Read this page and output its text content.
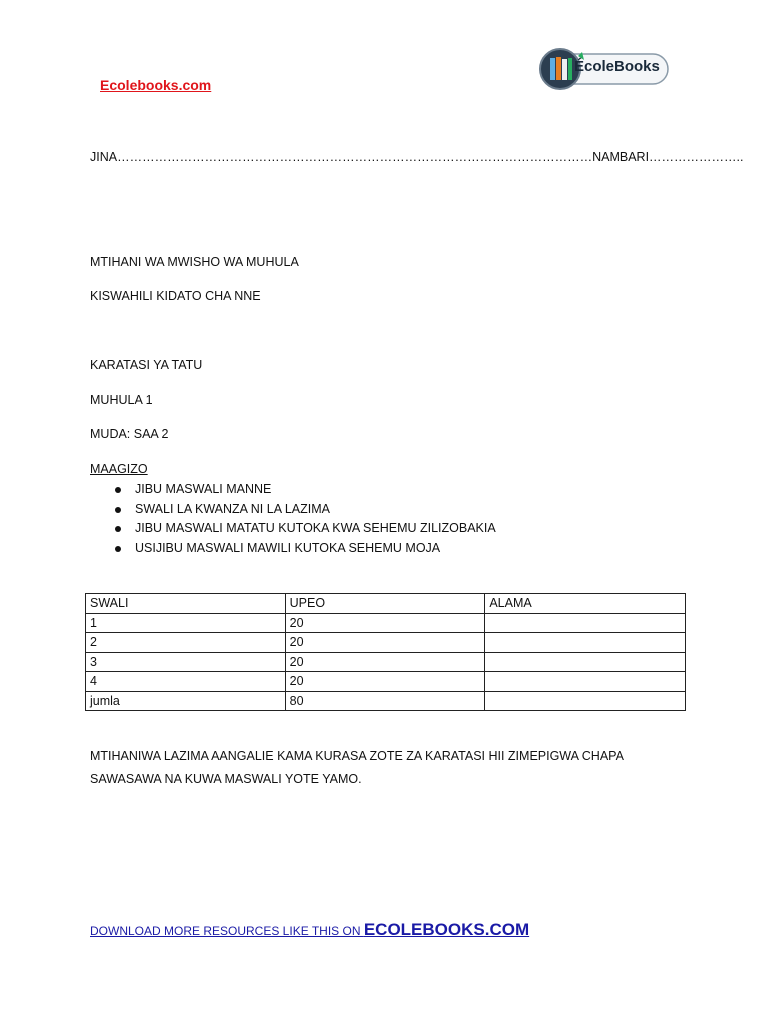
Ecolebooks.com
ÉcoleBooks
JINA……………………………………………………………………………………………………NAMBARI…………………..
MTIHANI WA MWISHO WA MUHULA
KISWAHILI KIDATO CHA NNE
KARATASI YA TATU
MUHULA 1
MUDA: SAA 2
MAAGIZO
JIBU MASWALI MANNE
SWALI LA KWANZA NI LA LAZIMA
JIBU MASWALI MATATU KUTOKA KWA SEHEMU ZILIZOBAKIA
USIJIBU MASWALI MAWILI KUTOKA SEHEMU MOJA
SWALI	UPEO	ALAMA
1	20	
2	20	
3	20	
4	20	
jumla	80	
MTIHANIWA LAZIMA AANGALIE KAMA KURASA ZOTE ZA KARATASI HII ZIMEPIGWA CHAPA SAWASAWA NA KUWA MASWALI YOTE YAMO.
DOWNLOAD MORE RESOURCES LIKE THIS ON ECOLEBOOKS.COM
